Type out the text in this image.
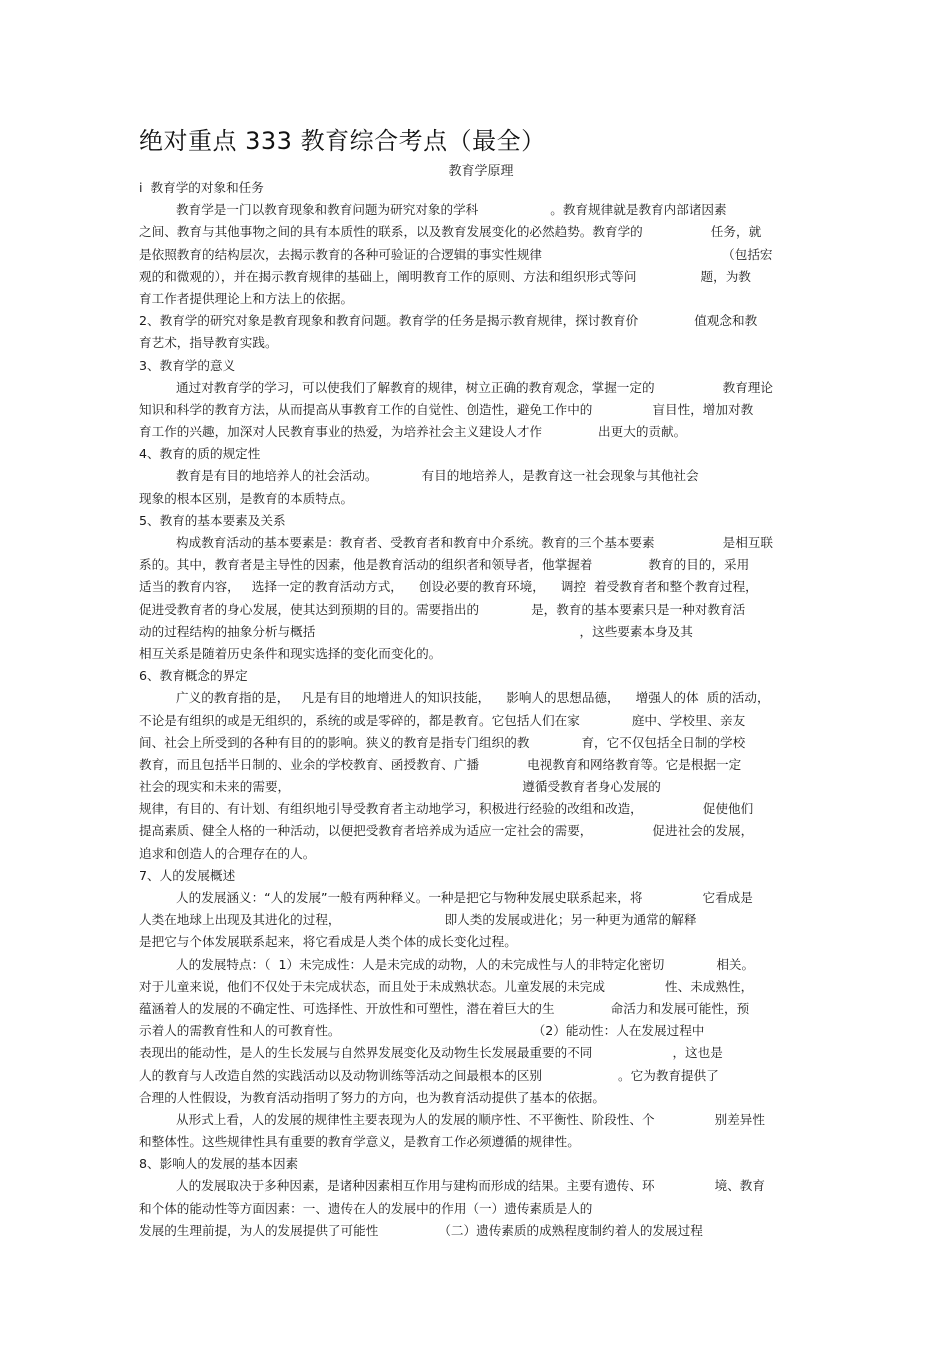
绝对重点 333 教育综合考点（最全）
教育学原理
i  教育学的对象和任务
教育学是一门以教育现象和教育问题为研究对象的学科                  。教育规律就是教育内部诸因素
之间、教育与其他事物之间的具有本质性的联系，以及教育发展变化的必然趋势。教育学的                 任务，就
是依照教育的结构层次，去揭示教育的各种可验证的合逻辑的事实性规律                                             （包括宏
观的和微观的），并在揭示教育规律的基础上，阐明教育工作的原则、方法和组织形式等问                题，为教
育工作者提供理论上和方法上的依据。
2、教育学的研究对象是教育现象和教育问题。教育学的任务是揭示教育规律，探讨教育价              值观念和教
育艺术，指导教育实践。
3、教育学的意义
通过对教育学的学习，可以使我们了解教育的规律，树立正确的教育观念，掌握一定的                 教育理论
知识和科学的教育方法，从而提高从事教育工作的自觉性、创造性，避免工作中的               盲目性，增加对教
育工作的兴趣，加深对人民教育事业的热爱，为培养社会主义建设人才作              出更大的贡献。
4、教育的质的规定性
教育是有目的地培养人的社会活动。           有目的地培养人，是教育这一社会现象与其他社会
现象的根本区别，是教育的本质特点。
5、教育的基本要素及关系
构成教育活动的基本要素是：教育者、受教育者和教育中介系统。教育的三个基本要素                 是相互联
系的。其中，教育者是主导性的因素，他是教育活动的组织者和领导者，他掌握着              教育的目的，采用
适当的教育内容，   选择一定的教育活动方式，    创设必要的教育环境，    调控  着受教育者和整个教育过程，
促进受教育者的身心发展，使其达到预期的目的。需要指出的             是，教育的基本要素只是一种对教育活
动的过程结构的抽象分析与概括                                                                  ，这些要素本身及其
相互关系是随着历史条件和现实选择的变化而变化的。
6、教育概念的界定
广义的教育指的是，   凡是有目的地增进人的知识技能，    影响人的思想品德，    增强人的体  质的活动，
不论是有组织的或是无组织的，系统的或是零碎的，都是教育。它包括人们在家             庭中、学校里、亲友
间、社会上所受到的各种有目的的影响。狭义的教育是指专门组织的教             育，它不仅包括全日制的学校
教育，而且包括半日制的、业余的学校教育、函授教育、广播            电视教育和网络教育等。它是根据一定
社会的现实和未来的需要，                                                          遵循受教育者身心发展的
规律，有目的、有计划、有组织地引导受教育者主动地学习，积极进行经验的改组和改造，               促使他们
提高素质、健全人格的一种活动，以便把受教育者培养成为适应一定社会的需要，               促进社会的发展，
追求和创造人的合理存在的人。
7、人的发展概述
人的发展涵义：“人的发展”一般有两种释义。一种是把它与物种发展史联系起来，将               它看成是
人类在地球上出现及其进化的过程，                          即人类的发展或进化；另一种更为通常的解释
是把它与个体发展联系起来，将它看成是人类个体的成长变化过程。
人的发展特点：（  1）未完成性：人是未完成的动物，人的未完成性与人的非特定化密切             相关。
对于儿童来说，他们不仅处于未完成状态，而且处于未成熟状态。儿童发展的未完成               性、未成熟性，
蕴涵着人的发展的不确定性、可选择性、开放性和可塑性，潜在着巨大的生              命活力和发展可能性，预
示着人的需教育性和人的可教育性。                                                （2）能动性：人在发展过程中
表现出的能动性，是人的生长发展与自然界发展变化及动物生长发展最重要的不同                    ，这也是
人的教育与人改造自然的实践活动以及动物训练等活动之间最根本的区别                   。它为教育提供了
合理的人性假设，为教育活动指明了努力的方向，也为教育活动提供了基本的依据。
从形式上看，人的发展的规律性主要表现为人的发展的顺序性、不平衡性、阶段性、个               别差异性
和整体性。这些规律性具有重要的教育学意义，是教育工作必须遵循的规律性。
8、影响人的发展的基本因素
人的发展取决于多种因素，是诸种因素相互作用与建构而形成的结果。主要有遗传、环               境、教育
和个体的能动性等方面因素：一、遗传在人的发展中的作用（一）遗传素质是人的
发展的生理前提，为人的发展提供了可能性               （二）遗传素质的成熟程度制约着人的发展过程
